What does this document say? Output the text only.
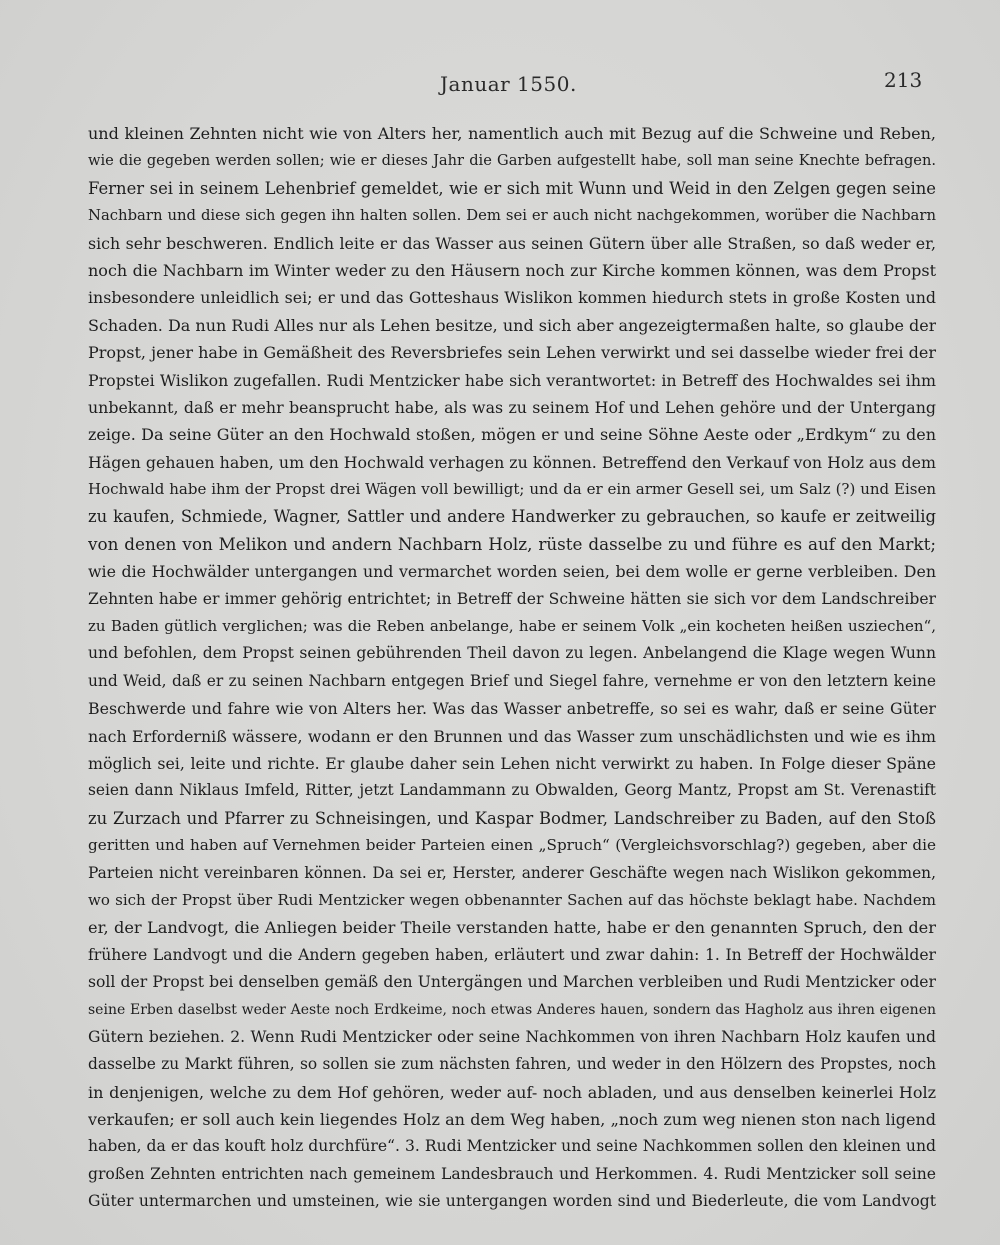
Januar 1550.	213
und kleinen Zehnten nicht wie von Alters her, namentlich auch mit Bezug auf die Schweine und Reben,
wie die gegeben werden sollen; wie er dieses Jahr die Garben aufgestellt habe, soll man seine Knechte befragen.
Ferner sei in seinem Lehenbrief gemeldet, wie er sich mit Wunn und Weid in den Zelgen gegen seine
Nachbarn und diese sich gegen ihn halten sollen. Dem sei er auch nicht nachgekommen, worüber die Nachbarn
sich sehr beschweren. Endlich leite er das Wasser aus seinen Gütern über alle Straßen, so daß weder er,
noch die Nachbarn im Winter weder zu den Häusern noch zur Kirche kommen können, was dem Propst
insbesondere unleidlich sei; er und das Gotteshaus Wislikon kommen hiedurch stets in große Kosten und
Schaden. Da nun Rudi Alles nur als Lehen besitze, und sich aber angezeigtermaßen halte, so glaube der
Propst, jener habe in Gemäßheit des Reversbriefes sein Lehen verwirkt und sei dasselbe wieder frei der
Propstei Wislikon zugefallen. Rudi Mentzicker habe sich verantwortet: in Betreff des Hochwaldes sei ihm
unbekannt, daß er mehr beansprucht habe, als was zu seinem Hof und Lehen gehöre und der Untergang
zeige. Da seine Güter an den Hochwald stoßen, mögen er und seine Söhne Aeste oder „Erdkym“ zu den
Hägen gehauen haben, um den Hochwald verhagen zu können. Betreffend den Verkauf von Holz aus dem
Hochwald habe ihm der Propst drei Wägen voll bewilligt; und da er ein armer Gesell sei, um Salz (?) und Eisen
zu kaufen, Schmiede, Wagner, Sattler und andere Handwerker zu gebrauchen, so kaufe er zeitweilig
von denen von Melikon und andern Nachbarn Holz, rüste dasselbe zu und führe es auf den Markt;
wie die Hochwälder untergangen und vermarchet worden seien, bei dem wolle er gerne verbleiben. Den
Zehnten habe er immer gehörig entrichtet; in Betreff der Schweine hätten sie sich vor dem Landschreiber
zu Baden gütlich verglichen; was die Reben anbelange, habe er seinem Volk „ein kocheten heißen usziechen“,
und befohlen, dem Propst seinen gebührenden Theil davon zu legen. Anbelangend die Klage wegen Wunn
und Weid, daß er zu seinen Nachbarn entgegen Brief und Siegel fahre, vernehme er von den letztern keine
Beschwerde und fahre wie von Alters her. Was das Wasser anbetreffe, so sei es wahr, daß er seine Güter
nach Erforderniß wässere, wodann er den Brunnen und das Wasser zum unschädlichsten und wie es ihm
möglich sei, leite und richte. Er glaube daher sein Lehen nicht verwirkt zu haben. In Folge dieser Späne
seien dann Niklaus Imfeld, Ritter, jetzt Landammann zu Obwalden, Georg Mantz, Propst am St. Verenastift
zu Zurzach und Pfarrer zu Schneisingen, und Kaspar Bodmer, Landschreiber zu Baden, auf den Stoß
geritten und haben auf Vernehmen beider Parteien einen „Spruch“ (Vergleichsvorschlag?) gegeben, aber die
Parteien nicht vereinbaren können. Da sei er, Herster, anderer Geschäfte wegen nach Wislikon gekommen,
wo sich der Propst über Rudi Mentzicker wegen obbenannter Sachen auf das höchste beklagt habe. Nachdem
er, der Landvogt, die Anliegen beider Theile verstanden hatte, habe er den genannten Spruch, den der
frühere Landvogt und die Andern gegeben haben, erläutert und zwar dahin: 1. In Betreff der Hochwälder
soll der Propst bei denselben gemäß den Untergängen und Marchen verbleiben und Rudi Mentzicker oder
seine Erben daselbst weder Aeste noch Erdkeime, noch etwas Anderes hauen, sondern das Hagholz aus ihren eigenen
Gütern beziehen. 2. Wenn Rudi Mentzicker oder seine Nachkommen von ihren Nachbarn Holz kaufen und
dasselbe zu Markt führen, so sollen sie zum nächsten fahren, und weder in den Hölzern des Propstes, noch
in denjenigen, welche zu dem Hof gehören, weder auf- noch abladen, und aus denselben keinerlei Holz
verkaufen; er soll auch kein liegendes Holz an dem Weg haben, „noch zum weg nienen ston nach ligend
haben, da er das kouft holz durchfüre“. 3. Rudi Mentzicker und seine Nachkommen sollen den kleinen und
großen Zehnten entrichten nach gemeinem Landesbrauch und Herkommen. 4. Rudi Mentzicker soll seine
Güter untermarchen und umsteinen, wie sie untergangen worden sind und Biederleute, die vom Landvogt
